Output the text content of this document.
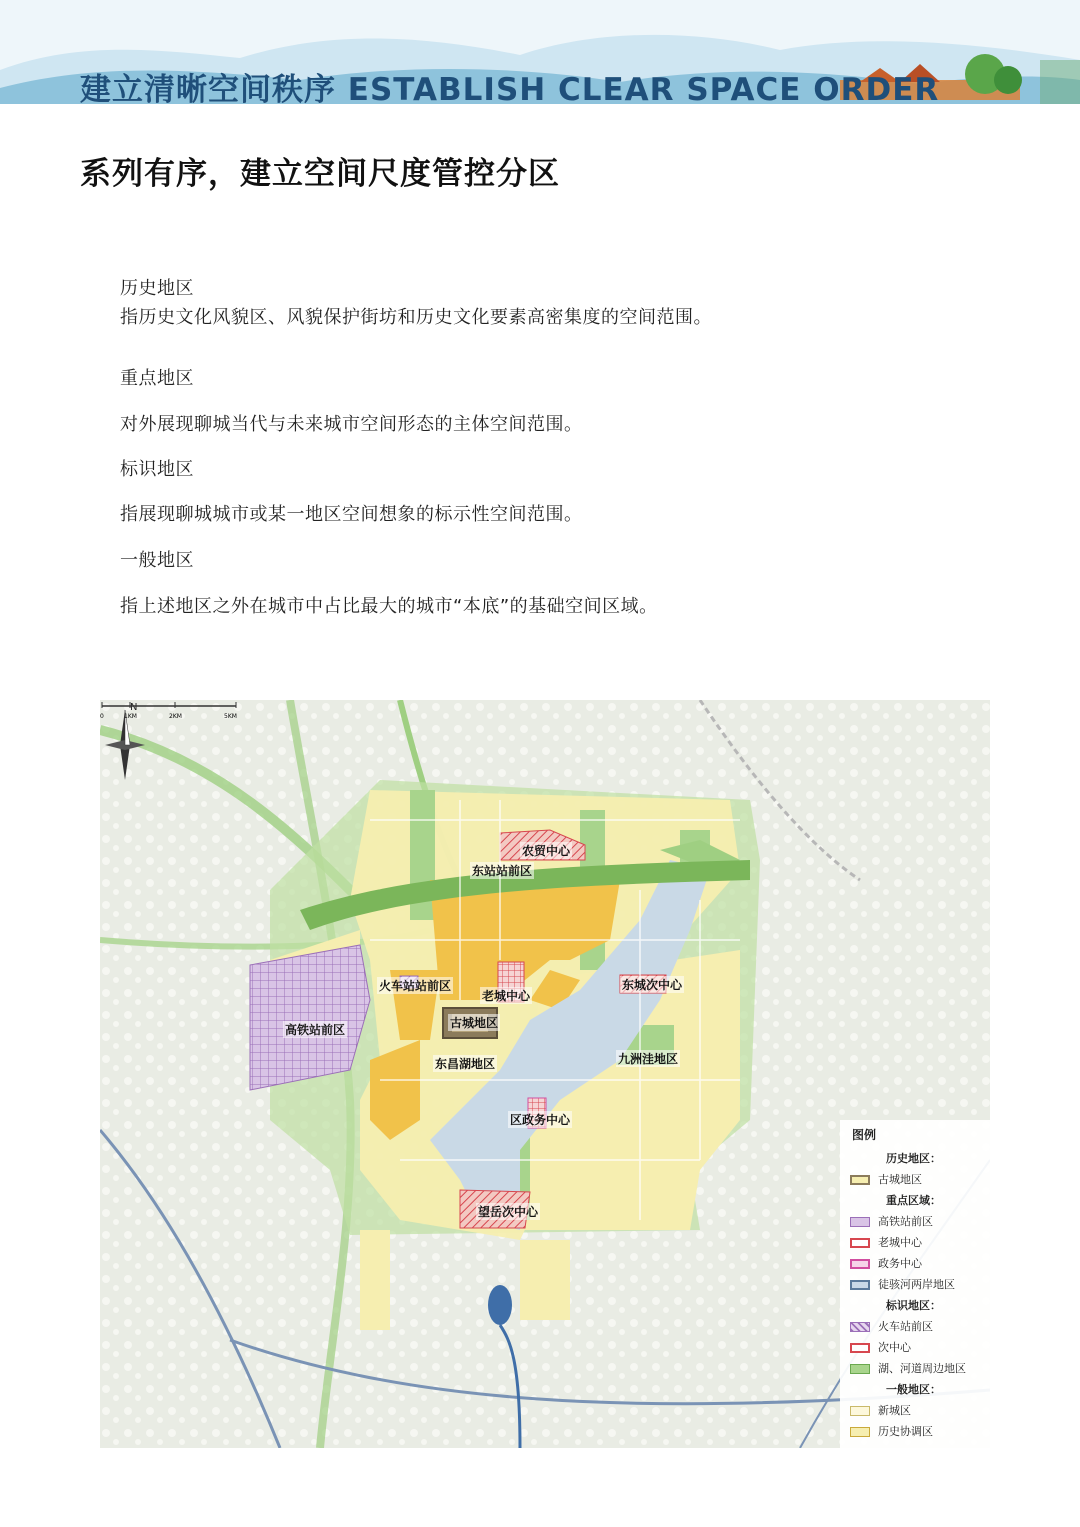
建立清晰空间秩序 ESTABLISH CLEAR SPACE ORDER
系列有序，建立空间尺度管控分区
历史地区
指历史文化风貌区、风貌保护街坊和历史文化要素高密集度的空间范围。
重点地区
对外展现聊城当代与未来城市空间形态的主体空间范围。
标识地区
指展现聊城城市或某一地区空间想象的标示性空间范围。
一般地区
指上述地区之外在城市中占比最大的城市“本底”的基础空间区域。
N
0	1KM	2KM	5KM
农贸中心
东站站前区
火车站站前区
老城中心
古城地区
高铁站前区
东昌湖地区
东城次中心
九洲洼地区
区政务中心
望岳次中心
图例
历史地区：
古城地区
重点区域：
高铁站前区
老城中心
政务中心
徒骇河两岸地区
标识地区：
火车站前区
次中心
湖、河道周边地区
一般地区：
新城区
历史协调区
